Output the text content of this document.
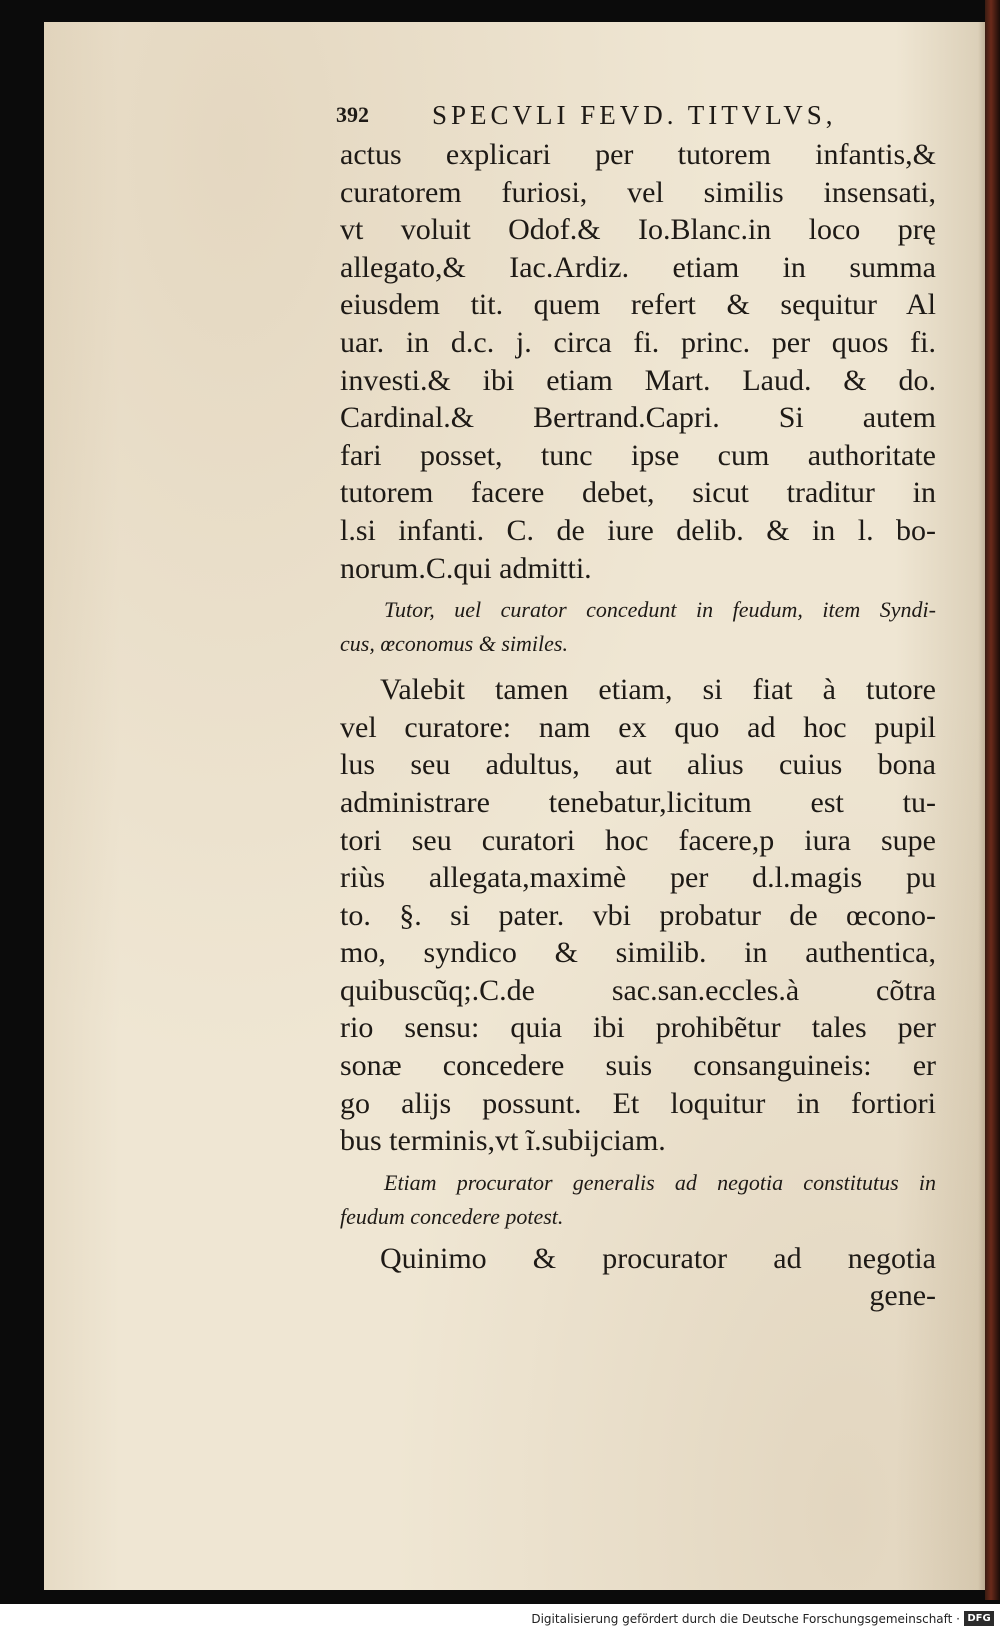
392 SPECVLI FEVD. TITVLVS,
actus explicari per tutorem infantis,&
curatorem furiosi, vel similis insensati,
vt voluit Odof.& Io.Blanc.in loco prę
allegato,& Iac.Ardiz. etiam in summa
eiusdem tit. quem refert & sequitur Al
uar. in d.c. j. circa fi. princ. per quos fi.
investi.& ibi etiam Mart. Laud. & do.
Cardinal.& Bertrand.Capri. Si autem
fari posset, tunc ipse cum authoritate
tutorem facere debet, sicut traditur in
l.si infanti. C. de iure delib. & in l. bo-
norum.C.qui admitti.
Tutor, uel curator concedunt in feudum, item Syndi-
cus, œconomus & similes.
Valebit tamen etiam, si fiat à tutore
vel curatore: nam ex quo ad hoc pupil
lus seu adultus, aut alius cuius bona
administrare tenebatur,licitum est tu-
tori seu curatori hoc facere,p iura supe
riùs allegata,maximè per d.l.magis pu
to. §. si pater. vbi probatur de œcono-
mo, syndico & similib. in authentica,
quibuscũq;.C.de sac.san.eccles.à cõtra
rio sensu: quia ibi prohibẽtur tales per
sonæ concedere suis consanguineis: er
go alijs possunt. Et loquitur in fortiori
bus terminis,vt ĩ.subijciam.
Etiam procurator generalis ad negotia constitutus in
feudum concedere potest.
Quinimo & procurator ad negotia
gene-
Digitalisierung gefördert durch die Deutsche Forschungsgemeinschaft · DFG
